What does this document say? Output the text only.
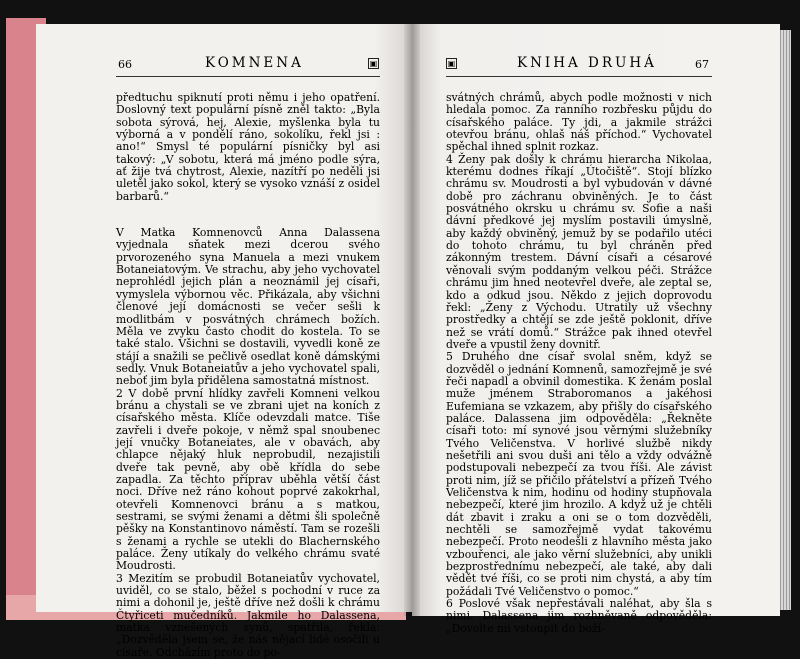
66	KOMNENA	▣

předtuchu spiknutí proti němu i jeho opatření. Doslovný text populární písně zněl takto: „Byla sobota sýrová, hej, Alexie, myšlenka byla tu výborná a v pondělí ráno, sokolíku, řekl jsi : ano!“ Smysl té populární písničky byl asi takový: „V sobotu, která má jméno podle sýra, ať žije tvá chytrost, Alexie, nazítří po neděli jsi uletěl jako sokol, který se vysoko vznáší z osidel barbarů.“

V Matka Komnenovců Anna Dalassena vyjednala sňatek mezi dcerou svého prvorozeného syna Manuela a mezi vnukem Botaneiatovým. Ve strachu, aby jeho vychovatel neprohlédl jejich plán a neoznámil jej císaři, vymyslela výbornou věc. Přikázala, aby všichni členové její domácnosti se večer sešli k modlitbám v posvátných chrámech božích. Měla ve zvyku často chodit do kostela. To se také stalo. Všichni se dostavili, vyvedli koně ze stájí a snažili se pečlivě osedlat koně dámskými sedly. Vnuk Botaneiatův a jeho vychovatel spali, neboť jim byla přidělena samostatná místnost.

2 V době první hlídky zavřeli Komneni velkou bránu a chystali se ve zbrani ujet na koních z císařského města. Klíče odevzdali matce. Tiše zavřeli i dveře pokoje, v němž spal snoubenec její vnučky Botaneiates, ale v obavách, aby chlapce nějaký hluk neprobudil, nezajistili dveře tak pevně, aby obě křídla do sebe zapadla. Za těchto příprav uběhla větší část noci. Dříve než ráno kohout poprvé zakokrhal, otevřeli Komnenovci bránu a s matkou, sestrami, se svými ženami a dětmi šli společně pěšky na Konstantinovo náměstí. Tam se rozešli s ženami a rychle se utekli do Blachernského paláce. Ženy utíkaly do velkého chrámu svaté Moudrosti.

3 Mezitím se probudil Botaneiatův vychovatel, uviděl, co se stalo, běžel s pochodní v ruce za nimi a dohonil je, ještě dříve než došli k chrámu Čtyřiceti mučedníků. Jakmile ho Dalassena, matka vznešených synů, spatřila, řekla: „Dozvěděla jsem se, že nás nějací lidé osočili u císaře. Odcházím proto do po-

▣	KNIHA DRUHÁ	67

svátných chrámů, abych podle možnosti v nich hledala pomoc. Za ranního rozbřesku půjdu do císařského paláce. Ty jdi, a jakmile strážci otevřou bránu, ohlaš náš příchod.“ Vychovatel spěchal ihned splnit rozkaz.

4 Ženy pak došly k chrámu hierarcha Nikolaa, kterému dodnes říkají „Útočiště“. Stojí blízko chrámu sv. Moudrosti a byl vybudován v dávné době pro záchranu obviněných. Je to část posvátného okrsku u chrámu sv. Sofie a naši dávní předkové jej myslím postavili úmyslně, aby každý obviněný, jemuž by se podařilo utéci do tohoto chrámu, tu byl chráněn před zákonným trestem. Dávní císaři a césarové věnovali svým poddaným velkou péči. Strážce chrámu jim hned neotevřel dveře, ale zeptal se, kdo a odkud jsou. Někdo z jejich doprovodu řekl: „Ženy z Východu. Utratily už všechny prostředky a chtějí se zde ještě poklonit, dříve než se vrátí domů.“ Strážce pak ihned otevřel dveře a vpustil ženy dovnitř.

5 Druhého dne císař svolal sněm, když se dozvěděl o jednání Komnenů, samozřejmě je své řeči napadl a obvinil domestika. K ženám poslal muže jménem Straboromanos a jakéhosi Eufemiana se vzkazem, aby přišly do císařského paláce. Dalassena jim odpověděla: „Řekněte císaři toto: mí synové jsou věrnými služebníky Tvého Veličenstva. V horlivé službě nikdy nešetřili ani svou duši ani tělo a vždy odvážně podstupovali nebezpečí za tvou říši. Ale závist proti nim, jíž se přičilo přátelství a přízeň Tvého Veličenstva k nim, hodinu od hodiny stupňovala nebezpečí, které jim hrozilo. A když už je chtěli dát zbavit i zraku a oni se o tom dozvěděli, nechtěli se samozřejmě vydat takovému nebezpečí. Proto neodešli z hlavního města jako vzbouřenci, ale jako věrní služebníci, aby unikli bezprostřednímu nebezpečí, ale také, aby dali vědět tvé říši, co se proti nim chystá, a aby tím požádali Tvé Veličenstvo o pomoc.“

6 Poslové však nepřestávali naléhat, aby šla s nimi. Dalassena jim rozhněvaně odpověděla: „Dovolte mi vstoupit do boží-
